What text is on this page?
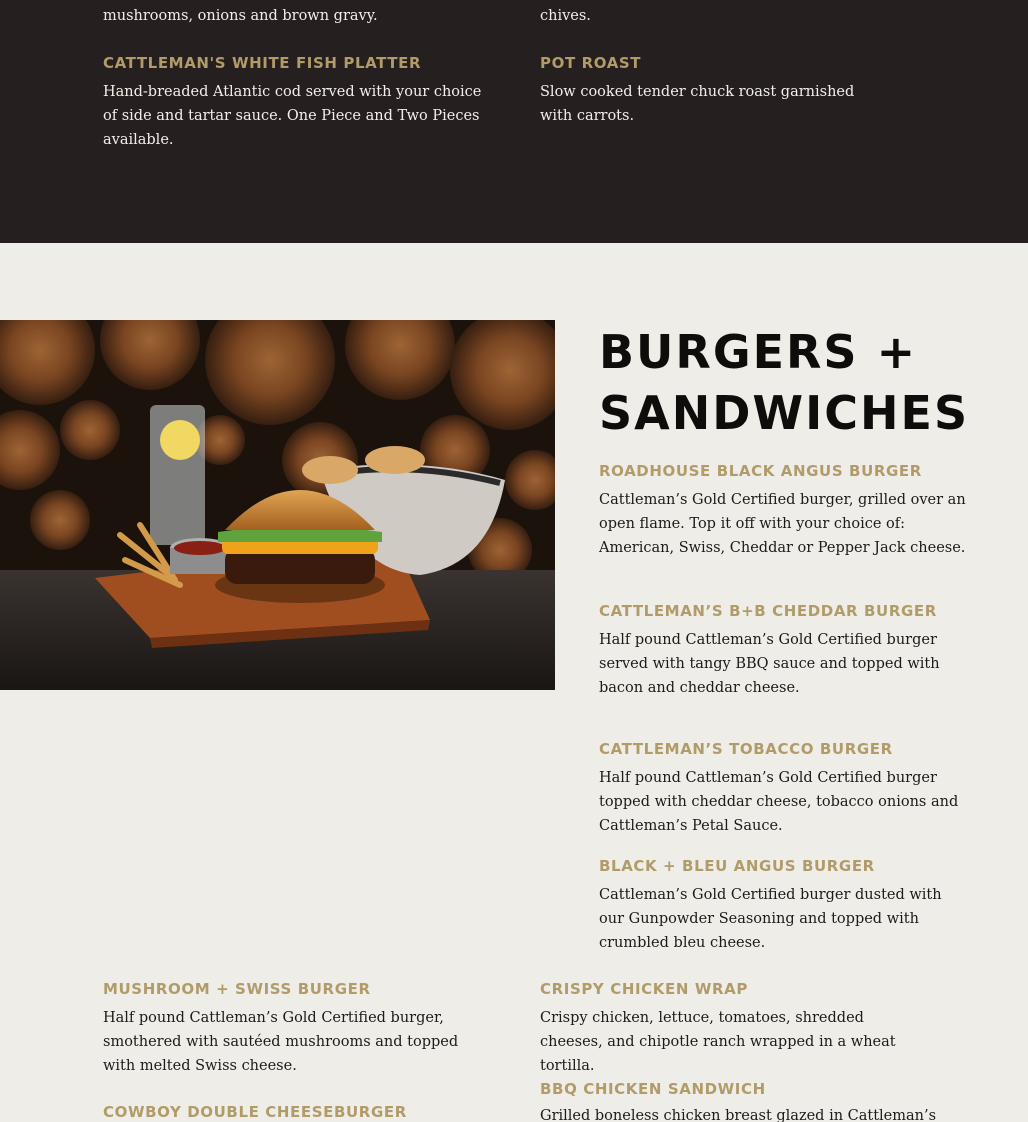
mushrooms, onions and brown gravy.	chives.

CATTLEMAN'S WHITE FISH PLATTER

Hand-breaded Atlantic cod served with your choice of side and tartar sauce. One Piece and Two Pieces available.

POT ROAST

Slow cooked tender chuck roast garnished with carrots.

BURGERS +
SANDWICHES
ROADHOUSE BLACK ANGUS BURGER

Cattleman’s Gold Certified burger, grilled over an open flame. Top it off with your choice of: American, Swiss, Cheddar or Pepper Jack cheese.

CATTLEMAN’S B+B CHEDDAR BURGER

Half pound Cattleman’s Gold Certified burger served with tangy BBQ sauce and topped with bacon and cheddar cheese.

CATTLEMAN’S TOBACCO BURGER

Half pound Cattleman’s Gold Certified burger topped with cheddar cheese, tobacco onions and Cattleman’s Petal Sauce.

BLACK + BLEU ANGUS BURGER

Cattleman’s Gold Certified burger dusted with our Gunpowder Seasoning and topped with crumbled bleu cheese.

MUSHROOM + SWISS BURGER

Half pound Cattleman’s Gold Certified burger, smothered with sautéed mushrooms and topped with melted Swiss cheese.

CRISPY CHICKEN WRAP

Crispy chicken, lettuce, tomatoes, shredded cheeses, and chipotle ranch wrapped in a wheat tortilla.

BBQ CHICKEN SANDWICH

Grilled boneless chicken breast glazed in Cattleman’s

COWBOY DOUBLE CHEESEBURGER
